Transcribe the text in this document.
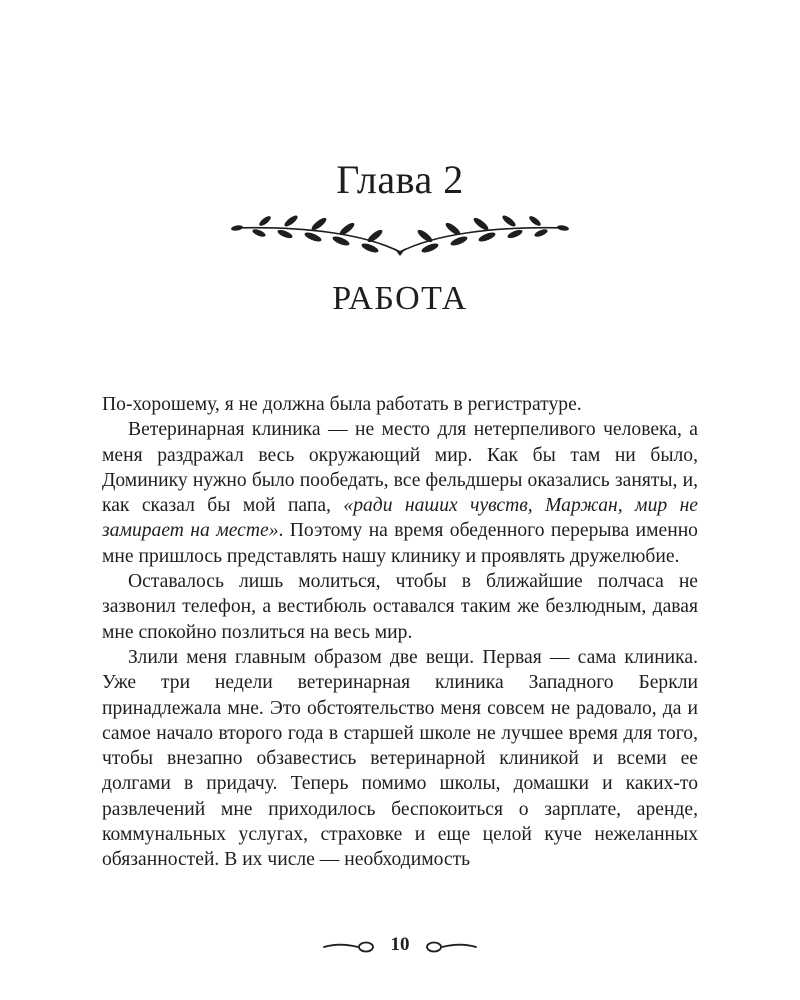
Глава 2
РАБОТА

По-хорошему, я не должна была работать в регистратуре.

Ветеринарная клиника — не место для нетерпеливого человека, а меня раздражал весь окружающий мир. Как бы там ни было, Доминику нужно было пообедать, все фельдшеры оказались заняты, и, как сказал бы мой папа, «ради наших чувств, Маржан, мир не замирает на месте». Поэтому на время обеденного перерыва именно мне пришлось представлять нашу клинику и проявлять дружелюбие.

Оставалось лишь молиться, чтобы в ближайшие полчаса не зазвонил телефон, а вестибюль оставался таким же безлюдным, давая мне спокойно позлиться на весь мир.

Злили меня главным образом две вещи. Первая — сама клиника. Уже три недели ветеринарная клиника Западного Беркли принадлежала мне. Это обстоятельство меня совсем не радовало, да и самое начало второго года в старшей школе не лучшее время для того, чтобы внезапно обзавестись ветеринарной клиникой и всеми ее долгами в придачу. Теперь помимо школы, домашки и каких-то развлечений мне приходилось беспокоиться о зарплате, аренде, коммунальных услугах, страховке и еще целой куче нежеланных обязанностей. В их числе — необходимость

10
